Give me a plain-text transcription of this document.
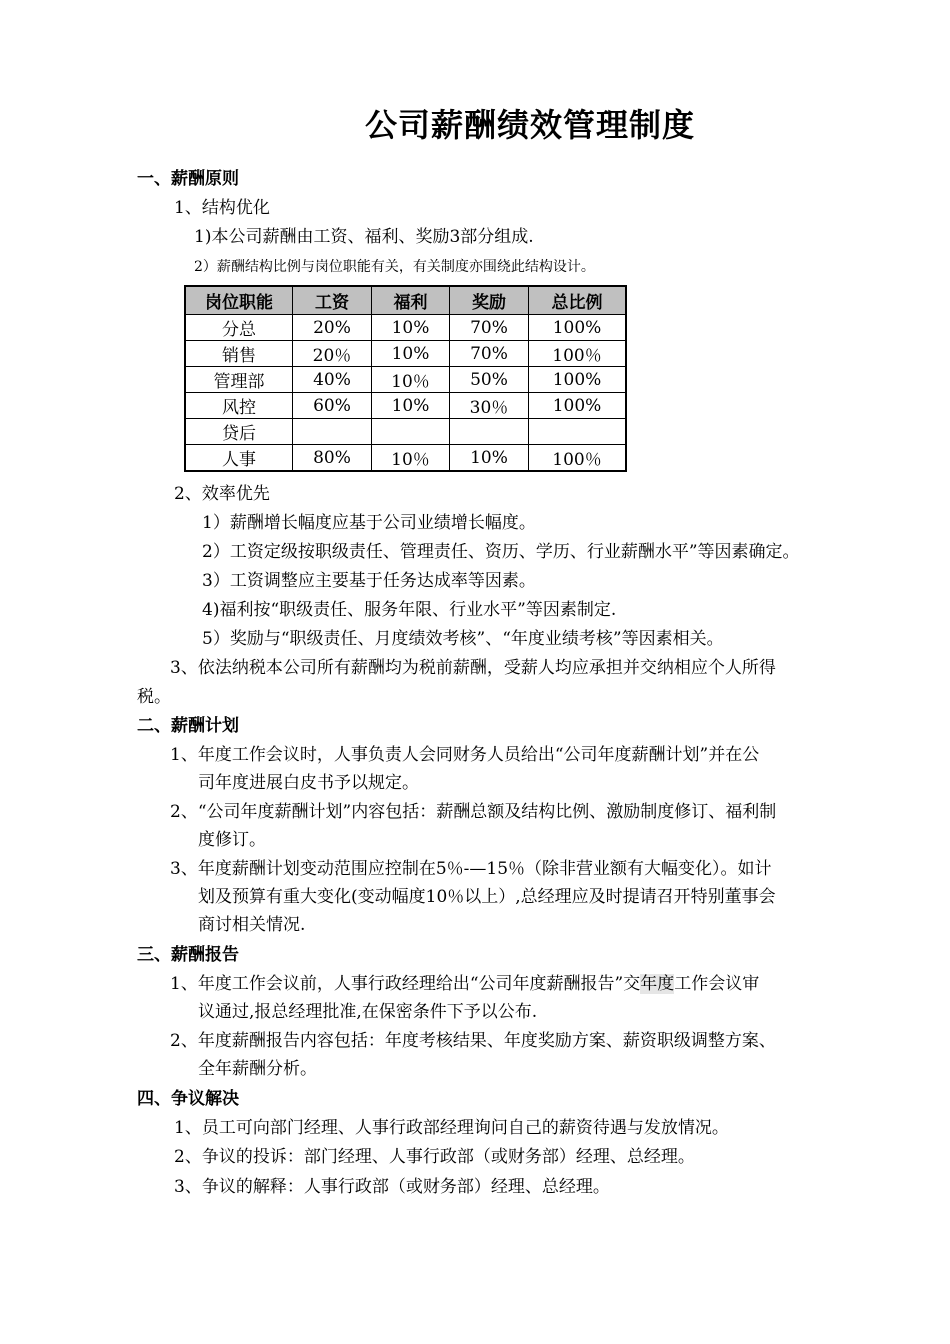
公司薪酬绩效管理制度
一、薪酬原则
1、结构优化
1)本公司薪酬由工资、福利、奖励3部分组成.
2）薪酬结构比例与岗位职能有关，有关制度亦围绕此结构设计。
岗位职能	工资	福利	奖励	总比例
分总	20%	10%	70%	100%
销售	20％	10%	70%	100％
管理部	40%	10％	50%	100%
风控	60%	10%	30％	100%
贷后				
人事	80%	10％	10%	100％
2、效率优先
1）薪酬增长幅度应基于公司业绩增长幅度。
2）工资定级按职级责任、管理责任、资历、学历、行业薪酬水平”等因素确定。
3）工资调整应主要基于任务达成率等因素。
4)福利按“职级责任、服务年限、行业水平”等因素制定.
5）奖励与“职级责任、月度绩效考核”、“年度业绩考核”等因素相关。
3、依法纳税本公司所有薪酬均为税前薪酬，受薪人均应承担并交纳相应个人所得
税。
二、薪酬计划
1、年度工作会议时，人事负责人会同财务人员给出“公司年度薪酬计划”并在公
司年度进展白皮书予以规定。
2、“公司年度薪酬计划”内容包括：薪酬总额及结构比例、激励制度修订、福利制
度修订。
3、年度薪酬计划变动范围应控制在5％-—15％（除非营业额有大幅变化）。如计
划及预算有重大变化(变动幅度10％以上）,总经理应及时提请召开特别董事会
商讨相关情况.
三、薪酬报告
1、年度工作会议前，人事行政经理给出“公司年度薪酬报告”交年度工作会议审
议通过,报总经理批准,在保密条件下予以公布.
2、年度薪酬报告内容包括：年度考核结果、年度奖励方案、薪资职级调整方案、
全年薪酬分析。
四、争议解决
1、员工可向部门经理、人事行政部经理询问自己的薪资待遇与发放情况。
2、争议的投诉：部门经理、人事行政部（或财务部）经理、总经理。
3、争议的解释：人事行政部（或财务部）经理、总经理。
